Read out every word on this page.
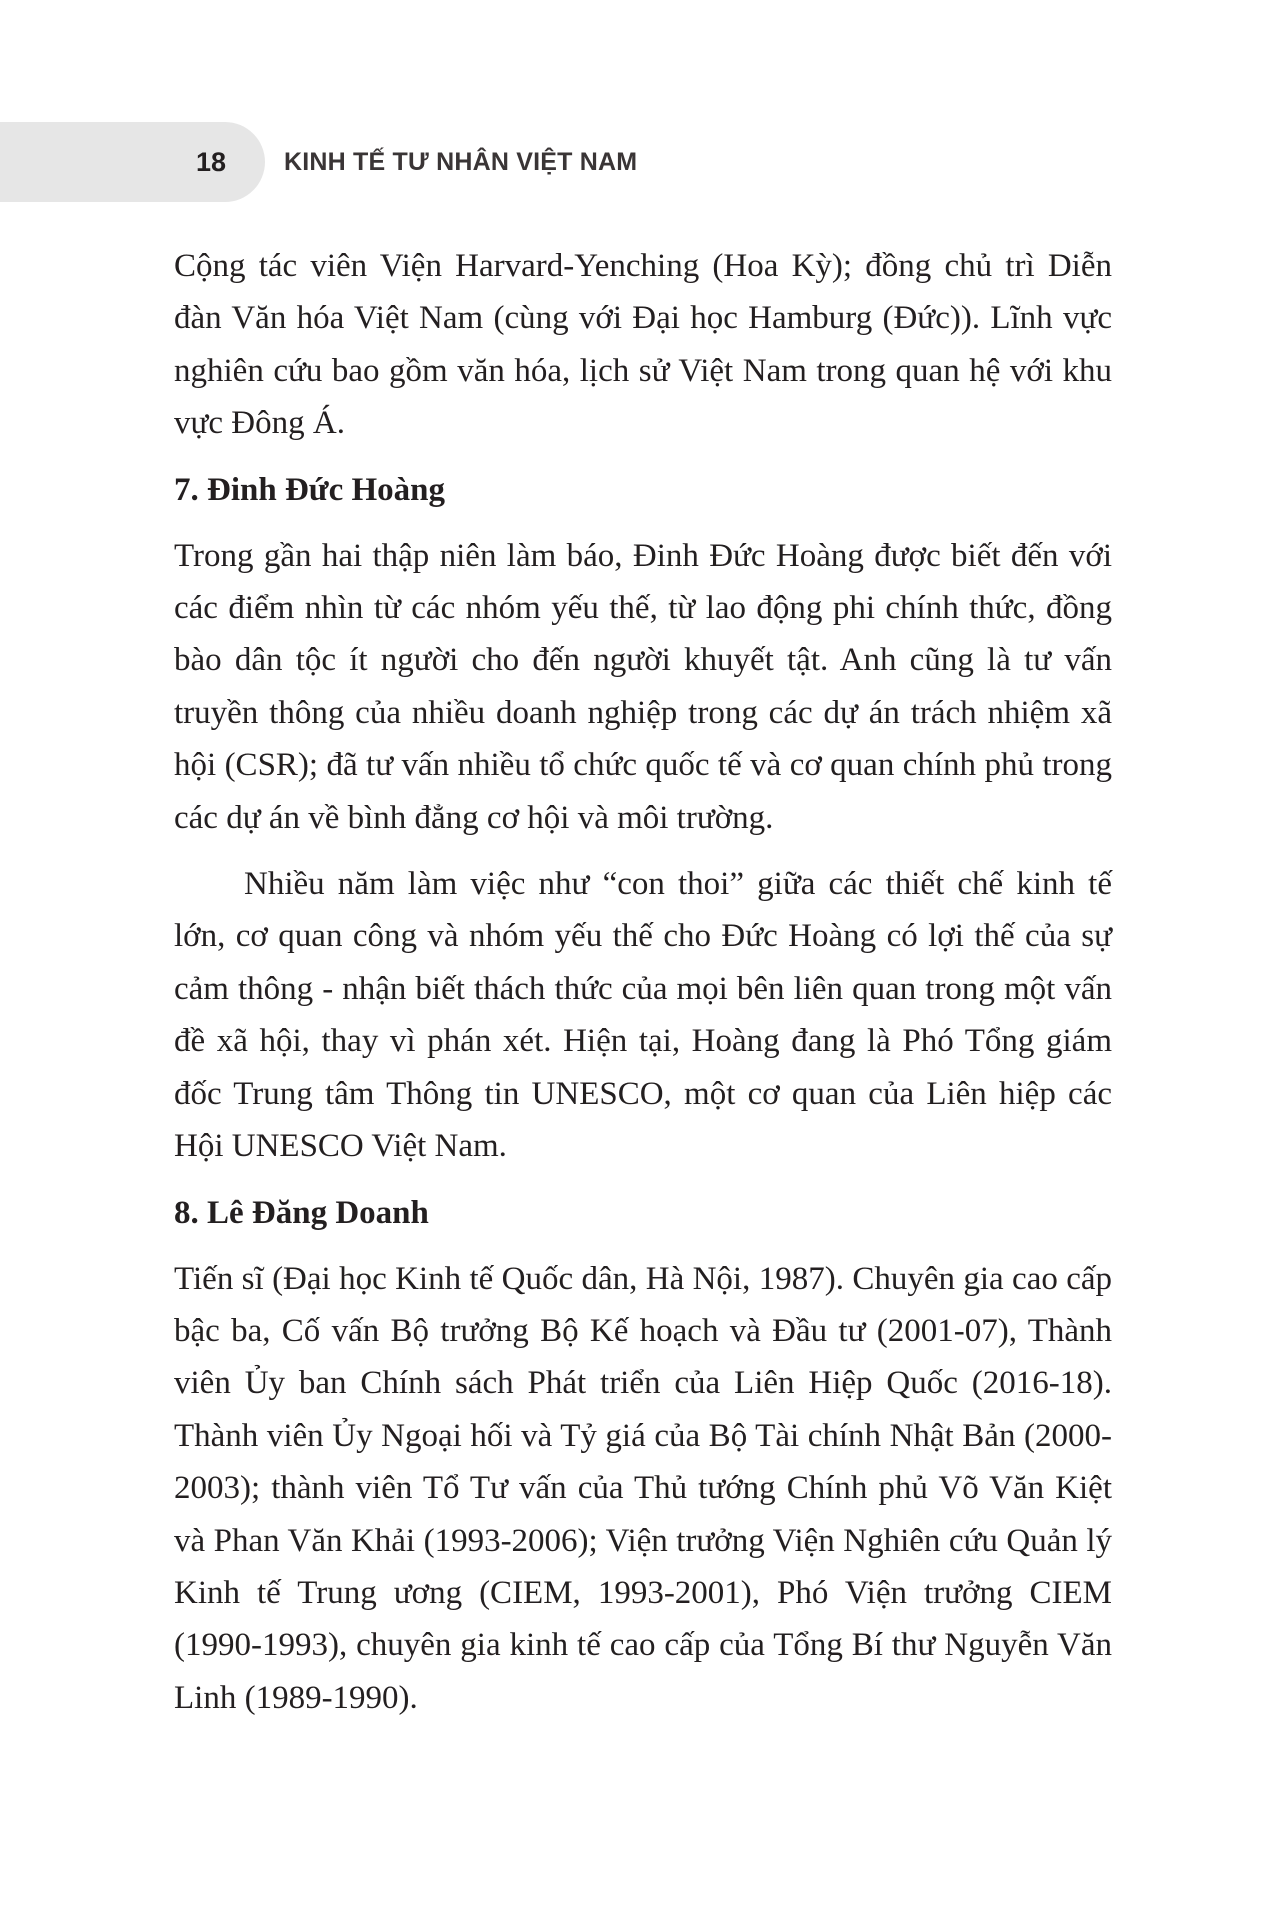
18 KINH TẾ TƯ NHÂN VIỆT NAM

Cộng tác viên Viện Harvard-Yenching (Hoa Kỳ); đồng chủ trì Diễn đàn Văn hóa Việt Nam (cùng với Đại học Hamburg (Đức)). Lĩnh vực nghiên cứu bao gồm văn hóa, lịch sử Việt Nam trong quan hệ với khu vực Đông Á.

7. Đinh Đức Hoàng

Trong gần hai thập niên làm báo, Đinh Đức Hoàng được biết đến với các điểm nhìn từ các nhóm yếu thế, từ lao động phi chính thức, đồng bào dân tộc ít người cho đến người khuyết tật. Anh cũng là tư vấn truyền thông của nhiều doanh nghiệp trong các dự án trách nhiệm xã hội (CSR); đã tư vấn nhiều tổ chức quốc tế và cơ quan chính phủ trong các dự án về bình đẳng cơ hội và môi trường.

Nhiều năm làm việc như “con thoi” giữa các thiết chế kinh tế lớn, cơ quan công và nhóm yếu thế cho Đức Hoàng có lợi thế của sự cảm thông - nhận biết thách thức của mọi bên liên quan trong một vấn đề xã hội, thay vì phán xét. Hiện tại, Hoàng đang là Phó Tổng giám đốc Trung tâm Thông tin UNESCO, một cơ quan của Liên hiệp các Hội UNESCO Việt Nam.

8. Lê Đăng Doanh

Tiến sĩ (Đại học Kinh tế Quốc dân, Hà Nội, 1987). Chuyên gia cao cấp bậc ba, Cố vấn Bộ trưởng Bộ Kế hoạch và Đầu tư (2001-07), Thành viên Ủy ban Chính sách Phát triển của Liên Hiệp Quốc (2016-18). Thành viên Ủy Ngoại hối và Tỷ giá của Bộ Tài chính Nhật Bản (2000-2003); thành viên Tổ Tư vấn của Thủ tướng Chính phủ Võ Văn Kiệt và Phan Văn Khải (1993-2006); Viện trưởng Viện Nghiên cứu Quản lý Kinh tế Trung ương (CIEM, 1993-2001), Phó Viện trưởng CIEM (1990-1993), chuyên gia kinh tế cao cấp của Tổng Bí thư Nguyễn Văn Linh (1989-1990).
